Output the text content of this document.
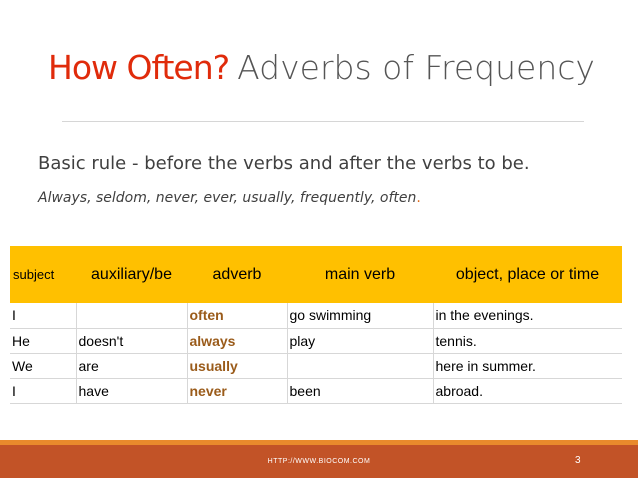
How Often? Adverbs of Frequency
Basic rule - before the verbs and after the verbs to be.
Always, seldom, never, ever, usually, frequently, often.
subject	auxiliary/be	adverb	main verb	object, place or time
I		often	go swimming	in the evenings.
He	doesn't	always	play	tennis.
We	are	usually		here in summer.
I	have	never	been	abroad.
HTTP://WWW.BIOCOM.COM	3
